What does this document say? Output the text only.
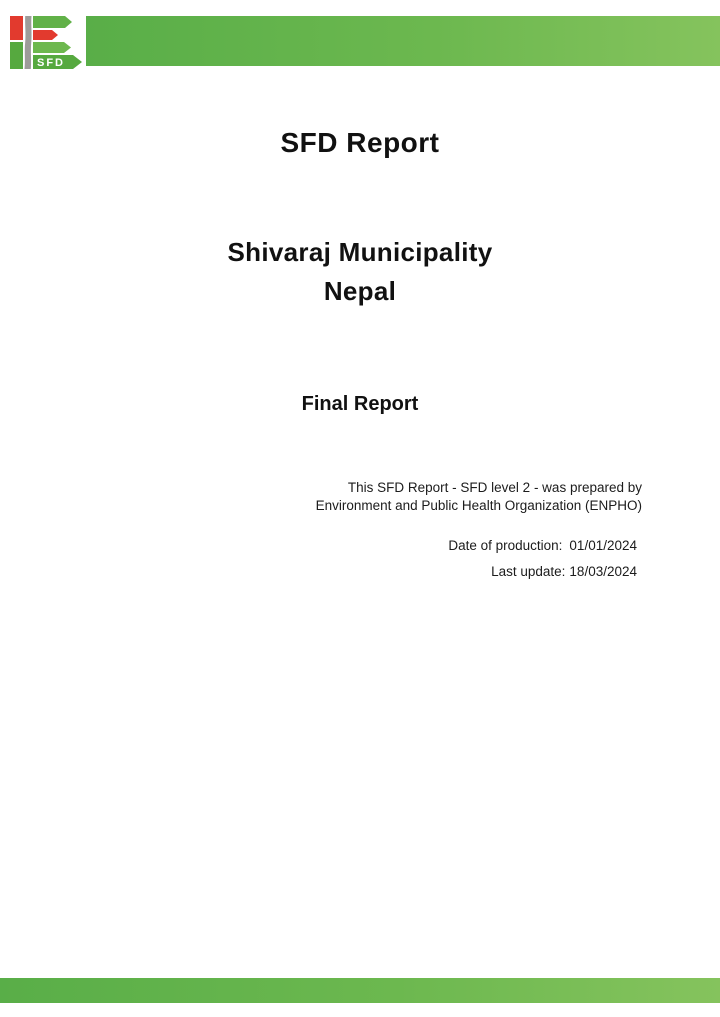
SFD
SFD Report
Shivaraj Municipality
Nepal
Final Report
This SFD Report - SFD level 2 - was prepared by
Environment and Public Health Organization (ENPHO)
Date of production: 01/01/2024
Last update: 18/03/2024
